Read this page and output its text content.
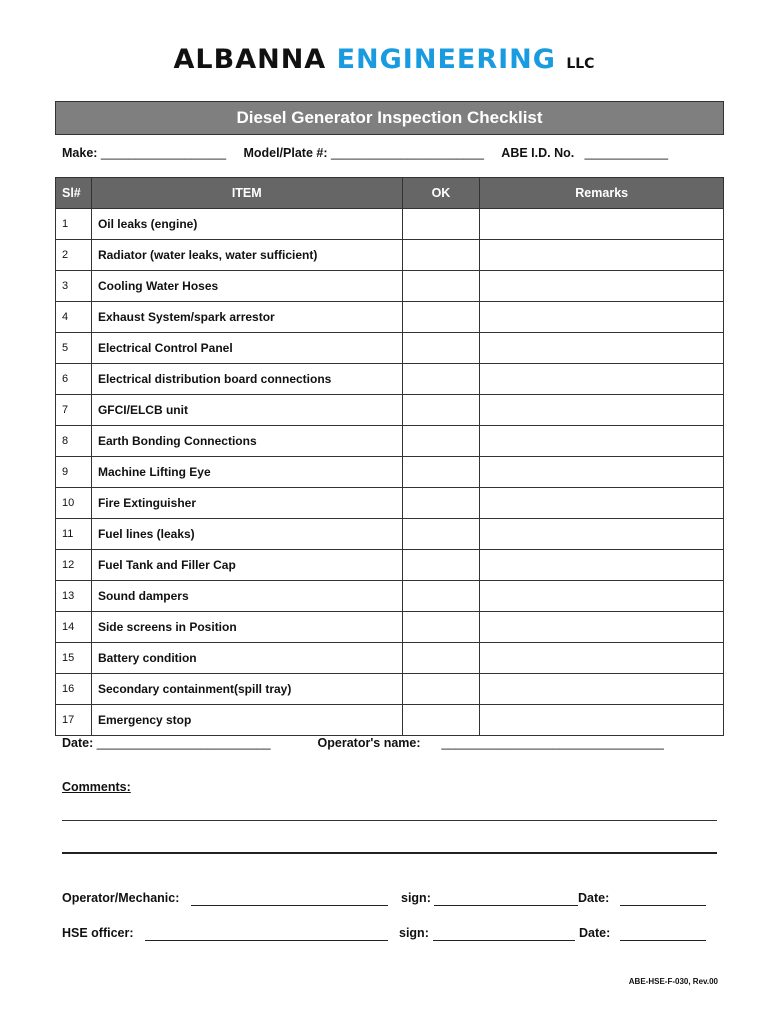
ALBANNA ENGINEERING LLC
Diesel Generator Inspection Checklist
Make: __________________ Model/Plate #: ______________________ ABE I.D. No. ____________
Sl#	ITEM	OK	Remarks
1	Oil leaks (engine)		
2	Radiator (water leaks, water sufficient)		
3	Cooling Water Hoses		
4	Exhaust System/spark arrestor		
5	Electrical Control Panel		
6	Electrical distribution board connections		
7	GFCI/ELCB unit		
8	Earth Bonding Connections		
9	Machine Lifting Eye		
10	Fire Extinguisher		
11	Fuel lines (leaks)		
12	Fuel Tank and Filler Cap		
13	Sound dampers		
14	Side screens in Position		
15	Battery condition		
16	Secondary containment(spill tray)		
17	Emergency stop		
Date: _________________________	Operator's name: ________________________________
Comments:
Operator/Mechanic:	sign:	Date:
HSE officer:	sign:	Date:
ABE-HSE-F-030, Rev.00
